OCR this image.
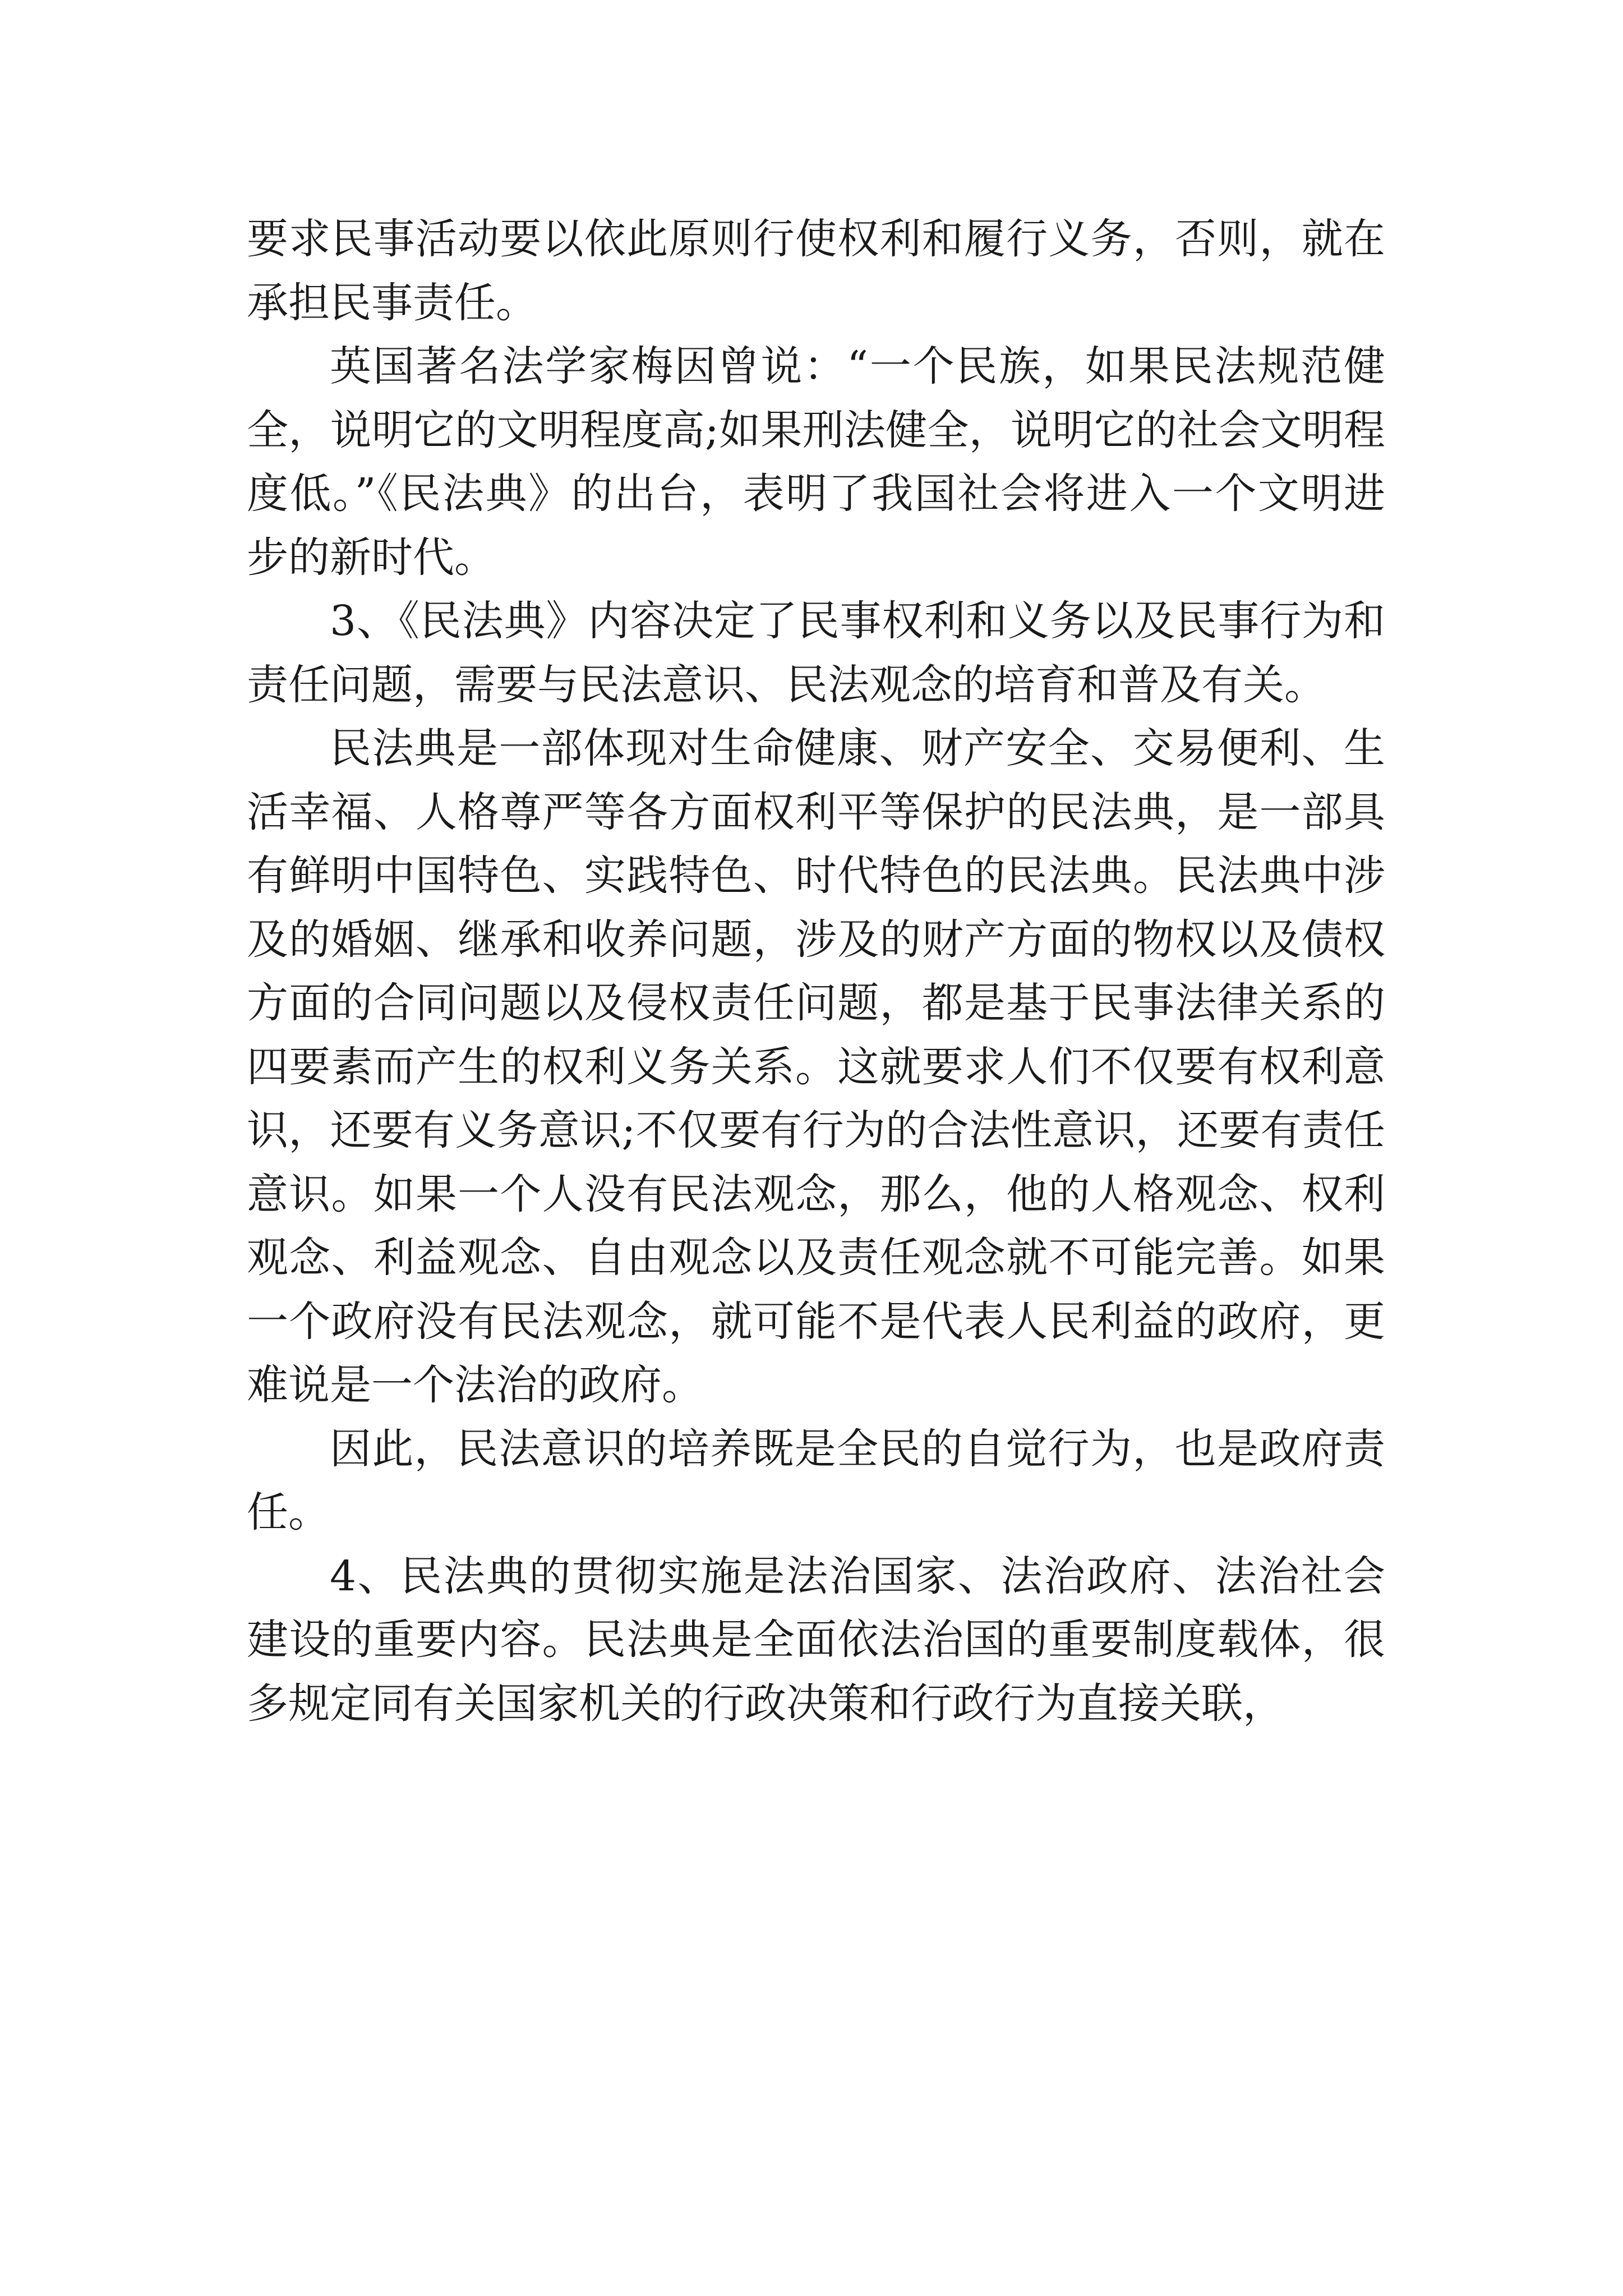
要求民事活动要以依此原则行使权利和履行义务，否则，就在承担民事责任。

英国著名法学家梅因曾说：“一个民族，如果民法规范健全，说明它的文明程度高;如果刑法健全，说明它的社会文明程度低。”《民法典》的出台，表明了我国社会将进入一个文明进步的新时代。

3、《民法典》内容决定了民事权利和义务以及民事行为和责任问题，需要与民法意识、民法观念的培育和普及有关。

民法典是一部体现对生命健康、财产安全、交易便利、生活幸福、人格尊严等各方面权利平等保护的民法典，是一部具有鲜明中国特色、实践特色、时代特色的民法典。民法典中涉及的婚姻、继承和收养问题，涉及的财产方面的物权以及债权方面的合同问题以及侵权责任问题，都是基于民事法律关系的四要素而产生的权利义务关系。这就要求人们不仅要有权利意识，还要有义务意识;不仅要有行为的合法性意识，还要有责任意识。如果一个人没有民法观念，那么，他的人格观念、权利观念、利益观念、自由观念以及责任观念就不可能完善。如果一个政府没有民法观念，就可能不是代表人民利益的政府，更难说是一个法治的政府。

因此，民法意识的培养既是全民的自觉行为，也是政府责任。

4、民法典的贯彻实施是法治国家、法治政府、法治社会建设的重要内容。民法典是全面依法治国的重要制度载体，很多规定同有关国家机关的行政决策和行政行为直接关联，
